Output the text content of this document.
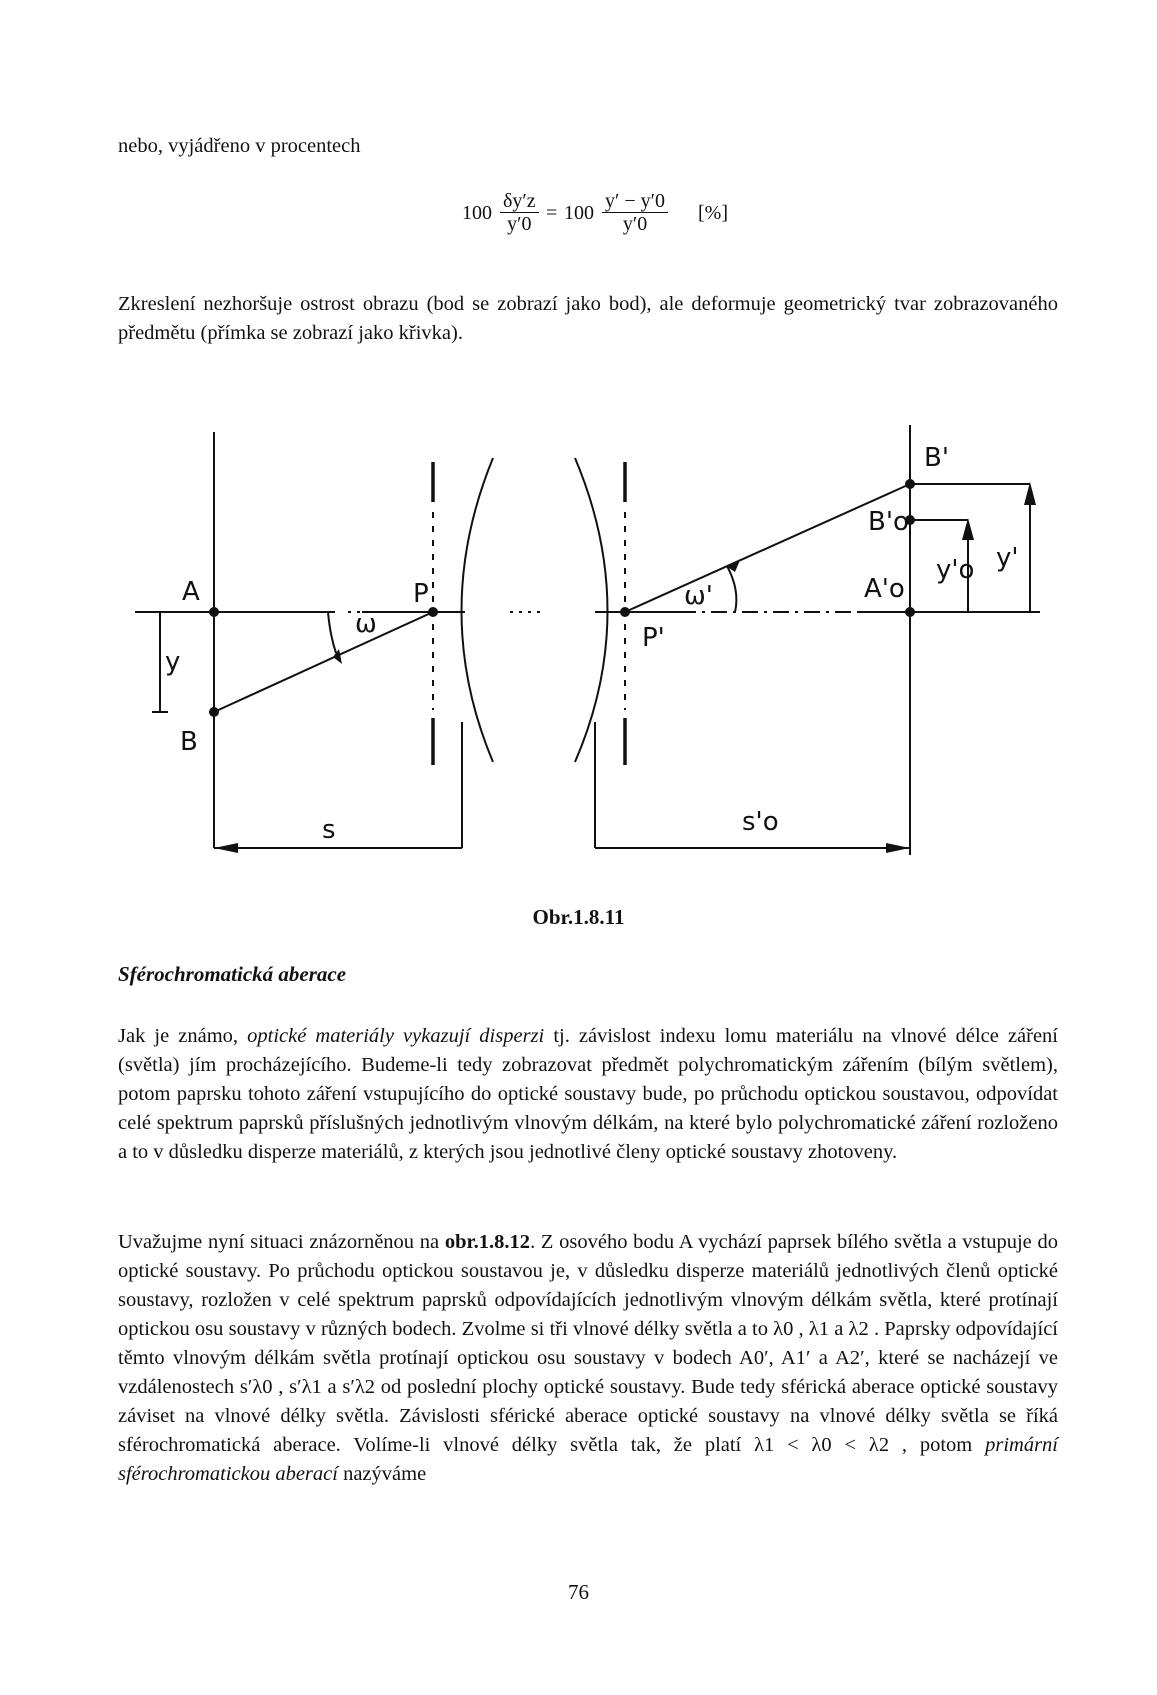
nebo, vyjádřeno v procentech
$100 \frac{\delta y'z}{y'0} = 100 \frac{y' - y'0}{y'0}$ [%]
Zkreslení nezhoršuje ostrost obrazu (bod se zobrazí jako bod), ale deformuje geometrický tvar zobrazovaného předmětu (přímka se zobrazí jako křivka).
A
B
y
P
ω
s
B'
B'o
A'o
y'o y'
ω'
P'
s'o
Obr.1.8.11
Sférochromatická aberace
Jak je známo, optické materiály vykazují disperzi tj. závislost indexu lomu materiálu na vlnové délce záření (světla) jím procházejícího. Budeme-li tedy zobrazovat předmět polychromatickým zářením (bílým světlem), potom paprsku tohoto záření vstupujícího do optické soustavy bude, po průchodu optickou soustavou, odpovídat celé spektrum paprsků příslušných jednotlivým vlnovým délkám, na které bylo polychromatické záření rozloženo a to v důsledku disperze materiálů, z kterých jsou jednotlivé členy optické soustavy zhotoveny.
Uvažujme nyní situaci znázorněnou na obr.1.8.12. Z osového bodu A vychází paprsek bílého světla a vstupuje do optické soustavy. Po průchodu optickou soustavou je, v důsledku disperze materiálů jednotlivých členů optické soustavy, rozložen v celé spektrum paprsků odpovídajících jednotlivým vlnovým délkám světla, které protínají optickou osu soustavy v různých bodech. Zvolme si tři vlnové délky světla a to λ0 , λ1 a λ2 . Paprsky odpovídající těmto vlnovým délkám světla protínají optickou osu soustavy v bodech A0′, A1′ a A2′, které se nacházejí ve vzdálenostech s′λ0 , s′λ1 a s′λ2 od poslední plochy optické soustavy. Bude tedy sférická aberace optické soustavy záviset na vlnové délky světla. Závislosti sférické aberace optické soustavy na vlnové délky světla se říká sférochromatická aberace. Volíme-li vlnové délky světla tak, že platí λ1 < λ0 < λ2 , potom primární sférochromatickou aberací nazýváme
76
